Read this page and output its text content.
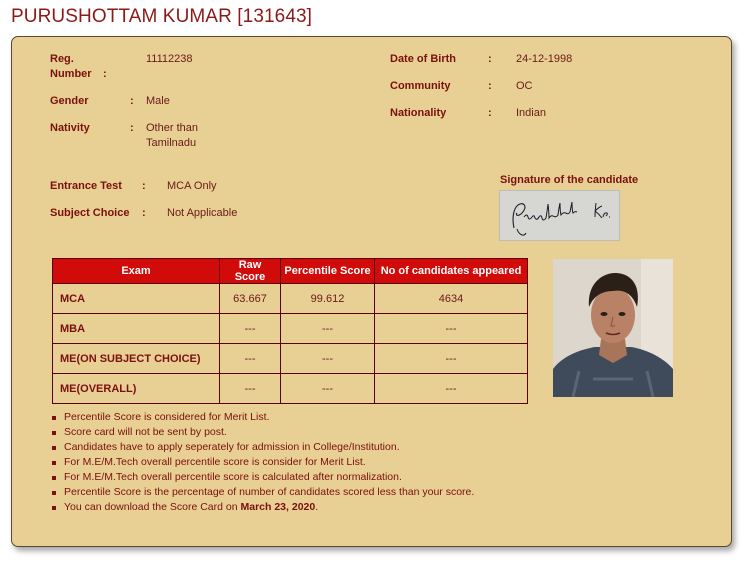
PURUSHOTTAM KUMAR [131643]
Reg.
Number :
11112238
Gender	: Male
Nativity	: Other than
Tamilnadu
Date of Birth	: 24-12-1998
Community	: OC
Nationality	: Indian
Entrance Test : MCA Only
Subject Choice : Not Applicable
Signature of the candidate
Exam	Raw Score	Percentile Score	No of candidates appeared
MCA	63.667	99.612	4634
MBA	---	---	---
ME(ON SUBJECT CHOICE)	---	---	---
ME(OVERALL)	---	---	---
Percentile Score is considered for Merit List.
Score card will not be sent by post.
Candidates have to apply seperately for admission in College/Institution.
For M.E/M.Tech overall percentile score is consider for Merit List.
For M.E/M.Tech overall percentile score is calculated after normalization.
Percentile Score is the percentage of number of candidates scored less than your score.
You can download the Score Card on March 23, 2020.
